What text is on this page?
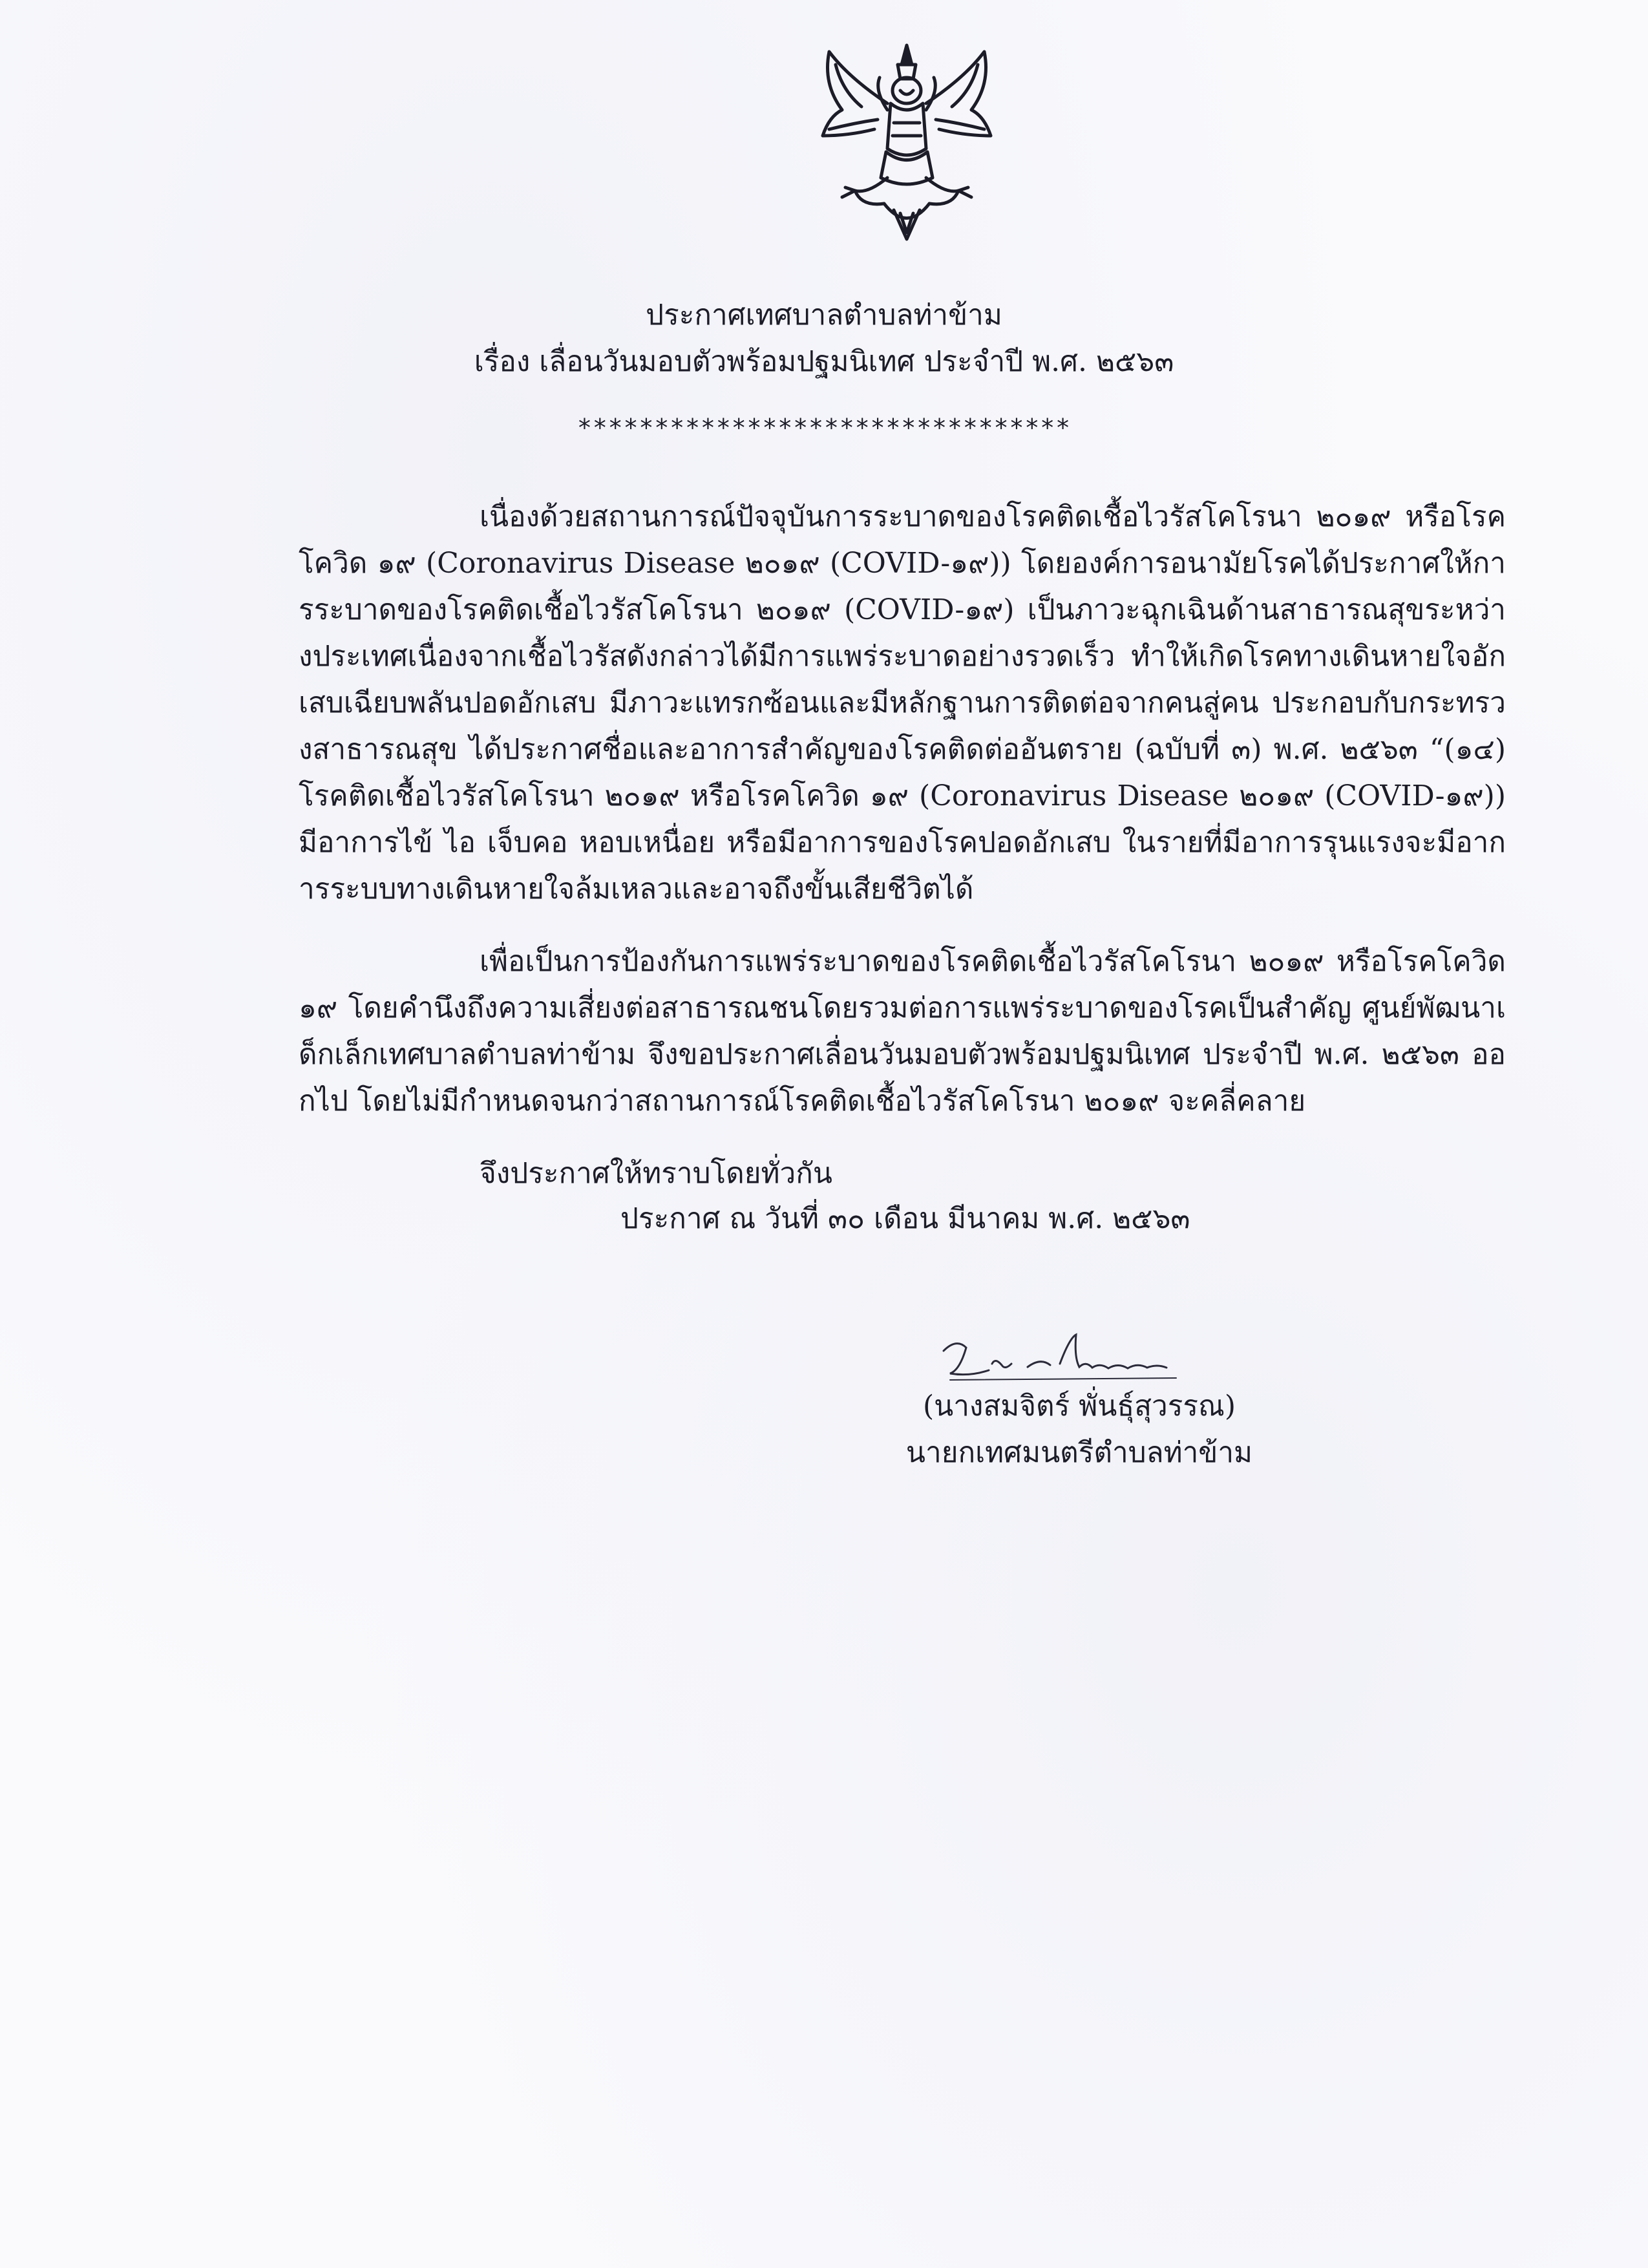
ประกาศเทศบาลตำบลท่าข้าม
เรื่อง เลื่อนวันมอบตัวพร้อมปฐมนิเทศ ประจำปี พ.ศ. ๒๕๖๓
********************************

เนื่องด้วยสถานการณ์ปัจจุบันการระบาดของโรคติดเชื้อไวรัสโคโรนา ๒๐๑๙ หรือโรคโควิด ๑๙ (Coronavirus Disease ๒๐๑๙ (COVID-๑๙)) โดยองค์การอนามัยโรคได้ประกาศให้การระบาดของโรคติดเชื้อไวรัสโคโรนา ๒๐๑๙ (COVID-๑๙) เป็นภาวะฉุกเฉินด้านสาธารณสุขระหว่างประเทศเนื่องจากเชื้อไวรัสดังกล่าวได้มีการแพร่ระบาดอย่างรวดเร็ว ทำให้เกิดโรคทางเดินหายใจอักเสบเฉียบพลันปอดอักเสบ มีภาวะแทรกซ้อนและมีหลักฐานการติดต่อจากคนสู่คน ประกอบกับกระทรวงสาธารณสุข ได้ประกาศชื่อและอาการสำคัญของโรคติดต่ออันตราย (ฉบับที่ ๓) พ.ศ. ๒๕๖๓ “(๑๔) โรคติดเชื้อไวรัสโคโรนา ๒๐๑๙ หรือโรคโควิด ๑๙ (Coronavirus Disease ๒๐๑๙ (COVID-๑๙)) มีอาการไข้ ไอ เจ็บคอ หอบเหนื่อย หรือมีอาการของโรคปอดอักเสบ ในรายที่มีอาการรุนแรงจะมีอาการระบบทางเดินหายใจล้มเหลวและอาจถึงขั้นเสียชีวิตได้

เพื่อเป็นการป้องกันการแพร่ระบาดของโรคติดเชื้อไวรัสโคโรนา ๒๐๑๙ หรือโรคโควิด ๑๙ โดยคำนึงถึงความเสี่ยงต่อสาธารณชนโดยรวมต่อการแพร่ระบาดของโรคเป็นสำคัญ ศูนย์พัฒนาเด็กเล็กเทศบาลตำบลท่าข้าม จึงขอประกาศเลื่อนวันมอบตัวพร้อมปฐมนิเทศ ประจำปี พ.ศ. ๒๕๖๓ ออกไป โดยไม่มีกำหนดจนกว่าสถานการณ์โรคติดเชื้อไวรัสโคโรนา ๒๐๑๙ จะคลี่คลาย

จึงประกาศให้ทราบโดยทั่วกัน

ประกาศ ณ วันที่ ๓๐ เดือน มีนาคม พ.ศ. ๒๕๖๓
(นางสมจิตร์ พั่นธุ์สุวรรณ)
นายกเทศมนตรีตำบลท่าข้าม
